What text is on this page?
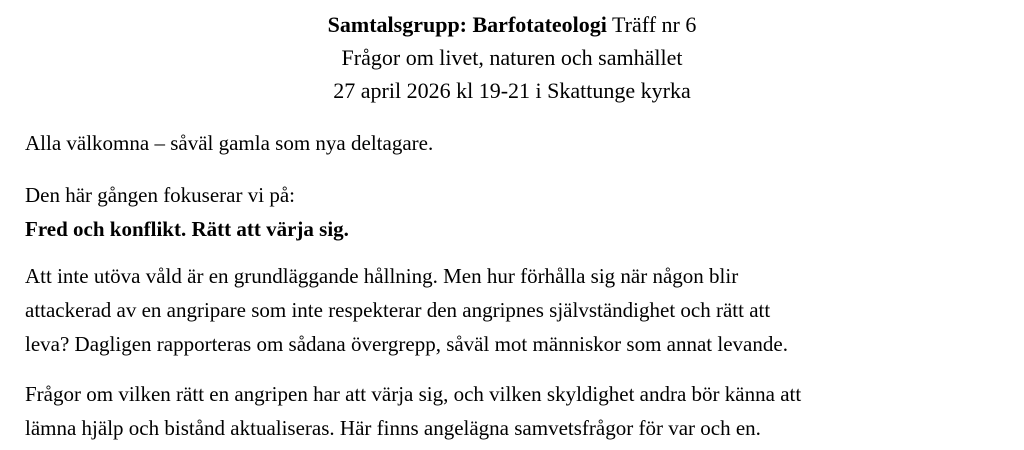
Samtalsgrupp: Barfotateologi Träff nr 6
Frågor om livet, naturen och samhället
27 april 2026 kl 19-21 i Skattunge kyrka
Alla välkomna – såväl gamla som nya deltagare.
Den här gången fokuserar vi på:
Fred och konflikt. Rätt att värja sig.
Att inte utöva våld är en grundläggande hållning. Men hur förhålla sig när någon blir
attackerad av en angripare som inte respekterar den angripnes självständighet och rätt att
leva? Dagligen rapporteras om sådana övergrepp, såväl mot människor som annat levande.
Frågor om vilken rätt en angripen har att värja sig, och vilken skyldighet andra bör känna att
lämna hjälp och bistånd aktualiseras. Här finns angelägna samvetsfrågor för var och en.
